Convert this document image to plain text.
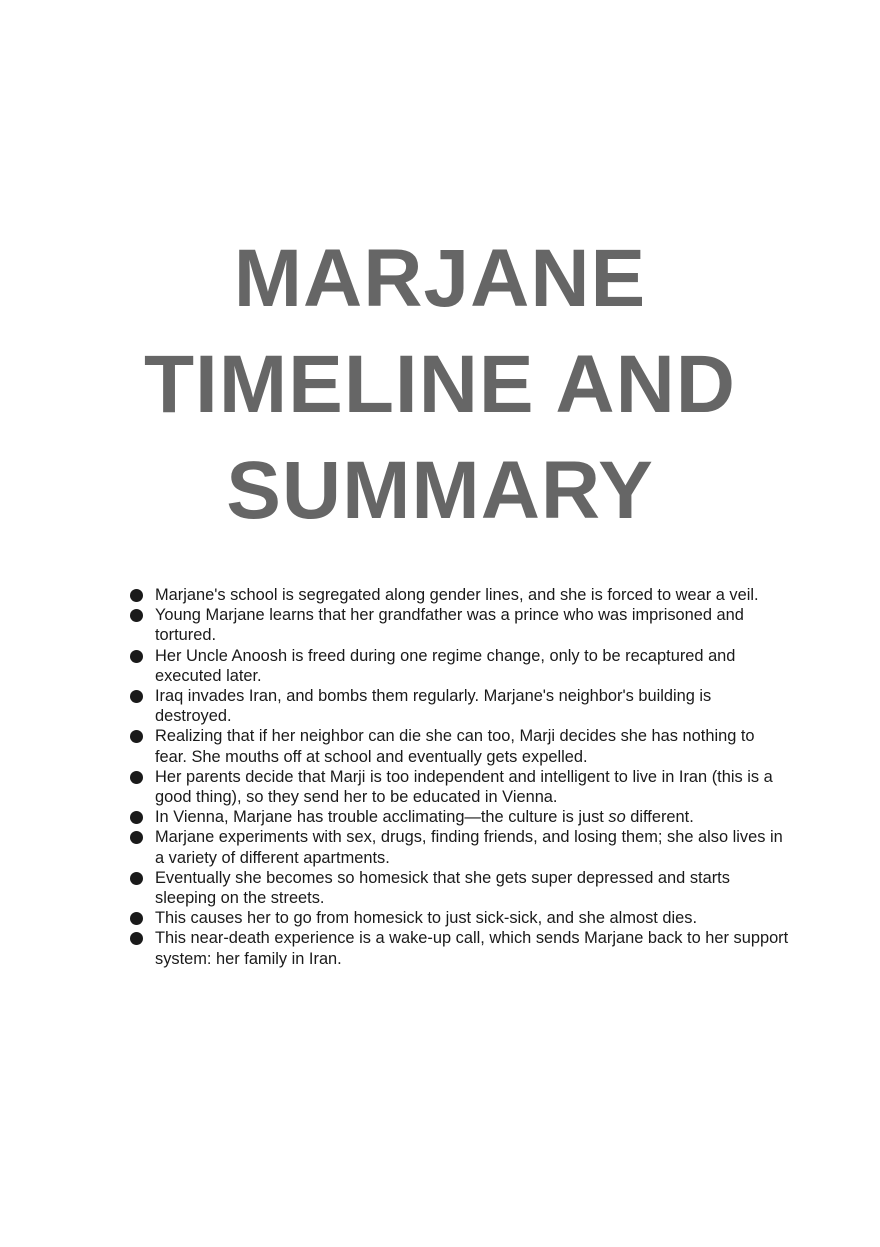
MARJANE
TIMELINE AND
SUMMARY
Marjane's school is segregated along gender lines, and she is forced to wear a veil.
Young Marjane learns that her grandfather was a prince who was imprisoned and tortured.
Her Uncle Anoosh is freed during one regime change, only to be recaptured and executed later.
Iraq invades Iran, and bombs them regularly. Marjane's neighbor's building is destroyed.
Realizing that if her neighbor can die she can too, Marji decides she has nothing to fear. She mouths off at school and eventually gets expelled.
Her parents decide that Marji is too independent and intelligent to live in Iran (this is a good thing), so they send her to be educated in Vienna.
In Vienna, Marjane has trouble acclimating—the culture is just so different.
Marjane experiments with sex, drugs, finding friends, and losing them; she also lives in a variety of different apartments.
Eventually she becomes so homesick that she gets super depressed and starts sleeping on the streets.
This causes her to go from homesick to just sick-sick, and she almost dies.
This near-death experience is a wake-up call, which sends Marjane back to her support system: her family in Iran.
